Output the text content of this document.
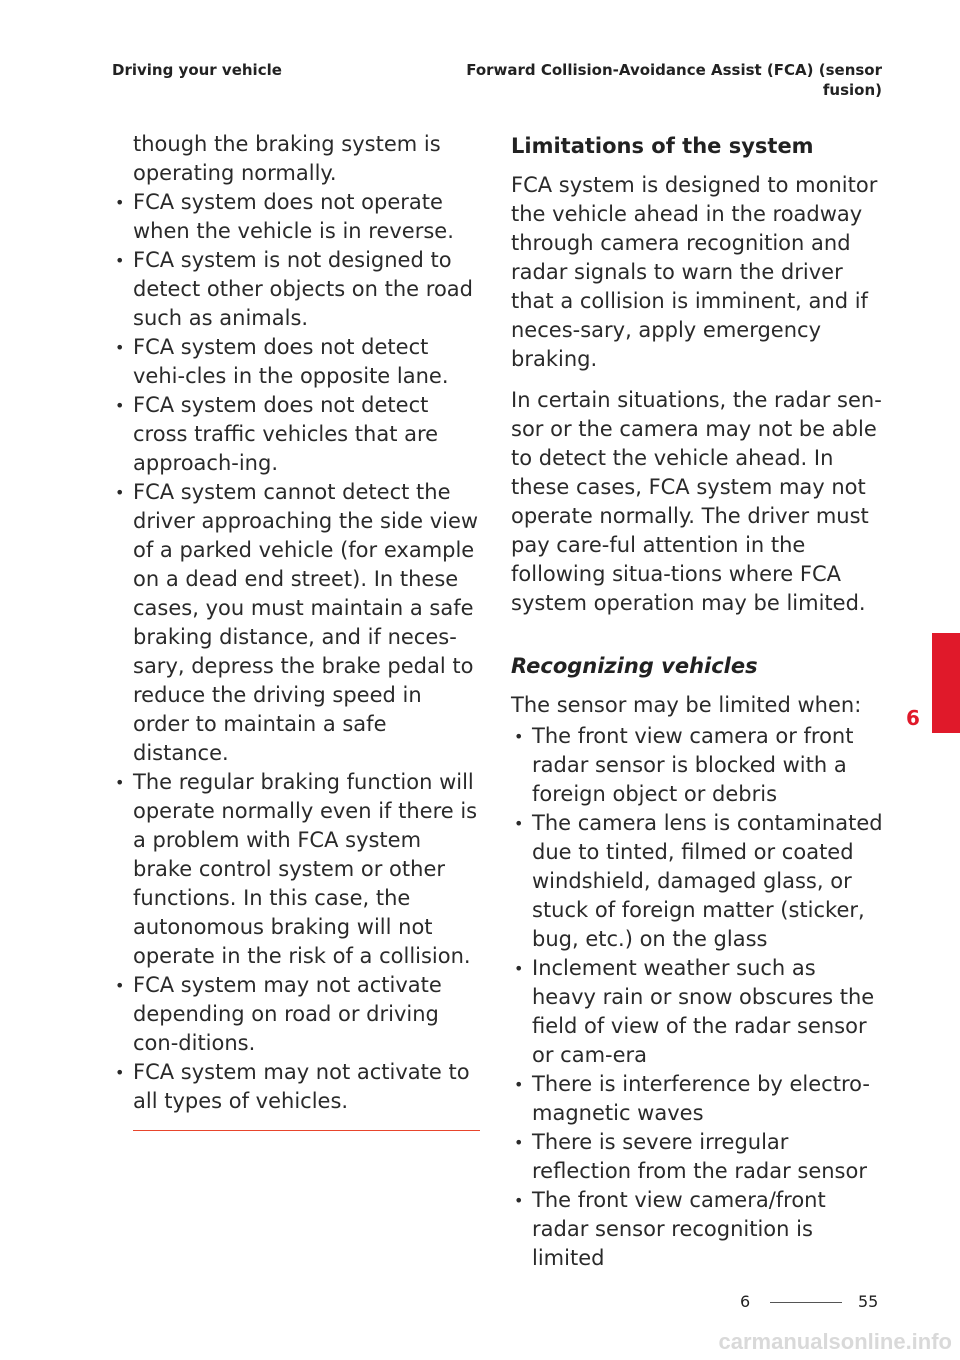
Driving your vehicle	Forward Collision-Avoidance Assist (FCA) (sensor fusion)

though the braking system is operating normally.

• FCA system does not operate when the vehicle is in reverse.
• FCA system is not designed to detect other objects on the road such as animals.
• FCA system does not detect vehi-cles in the opposite lane.
• FCA system does not detect cross traffic vehicles that are approach-ing.
• FCA system cannot detect the driver approaching the side view of a parked vehicle (for example on a dead end street). In these cases, you must maintain a safe braking distance, and if neces-sary, depress the brake pedal to reduce the driving speed in order to maintain a safe distance.
• The regular braking function will operate normally even if there is a problem with FCA system brake control system or other functions. In this case, the autonomous braking will not operate in the risk of a collision.
• FCA system may not activate depending on road or driving con-ditions.
• FCA system may not activate to all types of vehicles.
Limitations of the system

FCA system is designed to monitor the vehicle ahead in the roadway through camera recognition and radar signals to warn the driver that a collision is imminent, and if neces-sary, apply emergency braking.

In certain situations, the radar sen-sor or the camera may not be able to detect the vehicle ahead. In these cases, FCA system may not operate normally. The driver must pay care-ful attention in the following situa-tions where FCA system operation may be limited.

Recognizing vehicles

The sensor may be limited when:

• The front view camera or front radar sensor is blocked with a foreign object or debris
• The camera lens is contaminated due to tinted, filmed or coated windshield, damaged glass, or stuck of foreign matter (sticker, bug, etc.) on the glass
• Inclement weather such as heavy rain or snow obscures the field of view of the radar sensor or cam-era
• There is interference by electro-magnetic waves
• There is severe irregular reflection from the radar sensor
• The front view camera/front radar sensor recognition is limited
6
6	55
carmanualsonline.info
